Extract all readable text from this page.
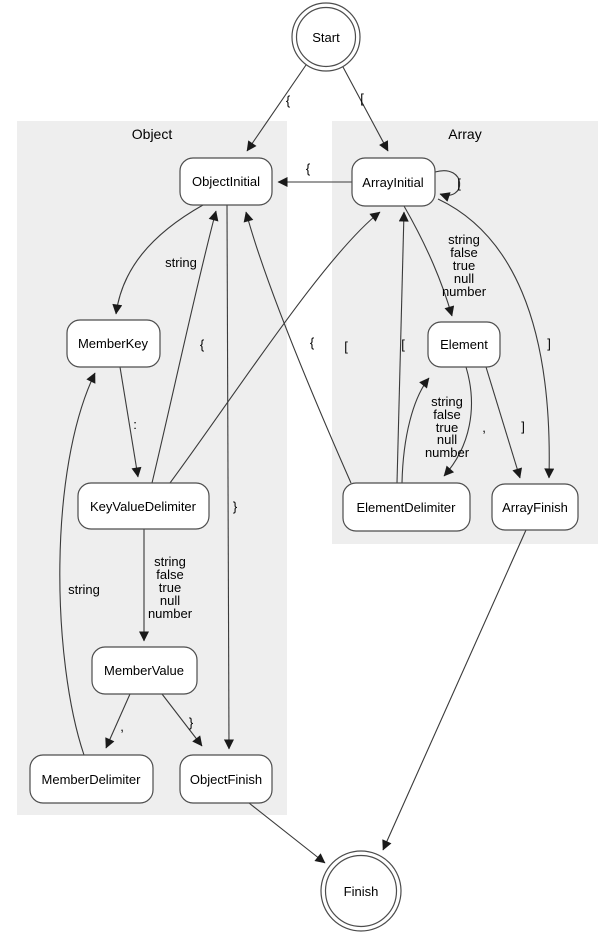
Object	Array
{	[
{
[
string
:
string
false
true
null
number
{	[
}
,	}
string
string
false
true
null
number
]
,	]
string
false
true
null
number
[
{
Start
ObjectInitial	ArrayInitial
MemberKey	Element
KeyValueDelimiter	ElementDelimiter	ArrayFinish
MemberValue
MemberDelimiter	ObjectFinish
Finish
